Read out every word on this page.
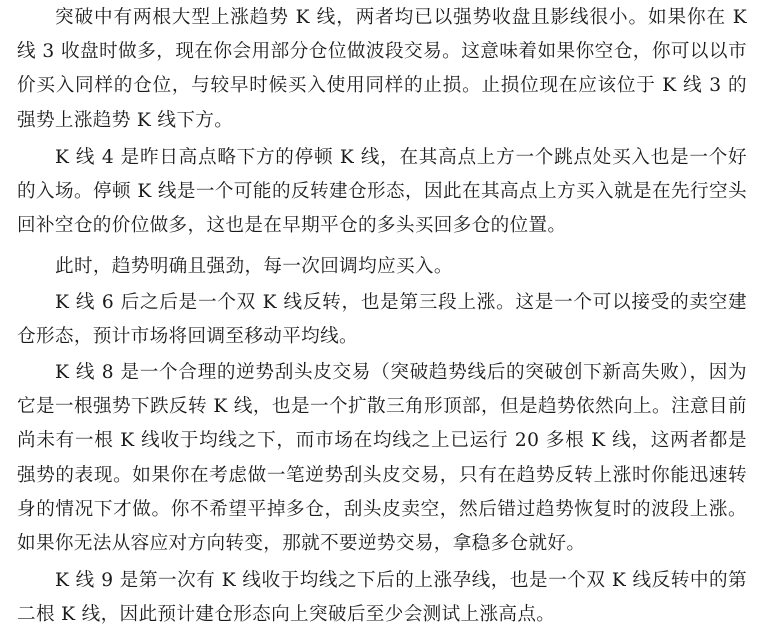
突破中有两根大型上涨趋势 K 线，两者均已以强势收盘且影线很小。如果你在 K 线 3 收盘时做多，现在你会用部分仓位做波段交易。这意味着如果你空仓，你可以以市价买入同样的仓位，与较早时候买入使用同样的止损。止损位现在应该位于 K 线 3 的强势上涨趋势 K 线下方。

K 线 4 是昨日高点略下方的停顿 K 线，在其高点上方一个跳点处买入也是一个好的入场。停顿 K 线是一个可能的反转建仓形态，因此在其高点上方买入就是在先行空头回补空仓的价位做多，这也是在早期平仓的多头买回多仓的位置。

此时，趋势明确且强劲，每一次回调均应买入。

K 线 6 后之后是一个双 K 线反转，也是第三段上涨。这是一个可以接受的卖空建仓形态，预计市场将回调至移动平均线。

K 线 8 是一个合理的逆势刮头皮交易（突破趋势线后的突破创下新高失败），因为它是一根强势下跌反转 K 线，也是一个扩散三角形顶部，但是趋势依然向上。注意目前尚未有一根 K 线收于均线之下，而市场在均线之上已运行 20 多根 K 线，这两者都是强势的表现。如果你在考虑做一笔逆势刮头皮交易，只有在趋势反转上涨时你能迅速转身的情况下才做。你不希望平掉多仓，刮头皮卖空，然后错过趋势恢复时的波段上涨。如果你无法从容应对方向转变，那就不要逆势交易，拿稳多仓就好。

K 线 9 是第一次有 K 线收于均线之下后的上涨孕线，也是一个双 K 线反转中的第二根 K 线，因此预计建仓形态向上突破后至少会测试上涨高点。
